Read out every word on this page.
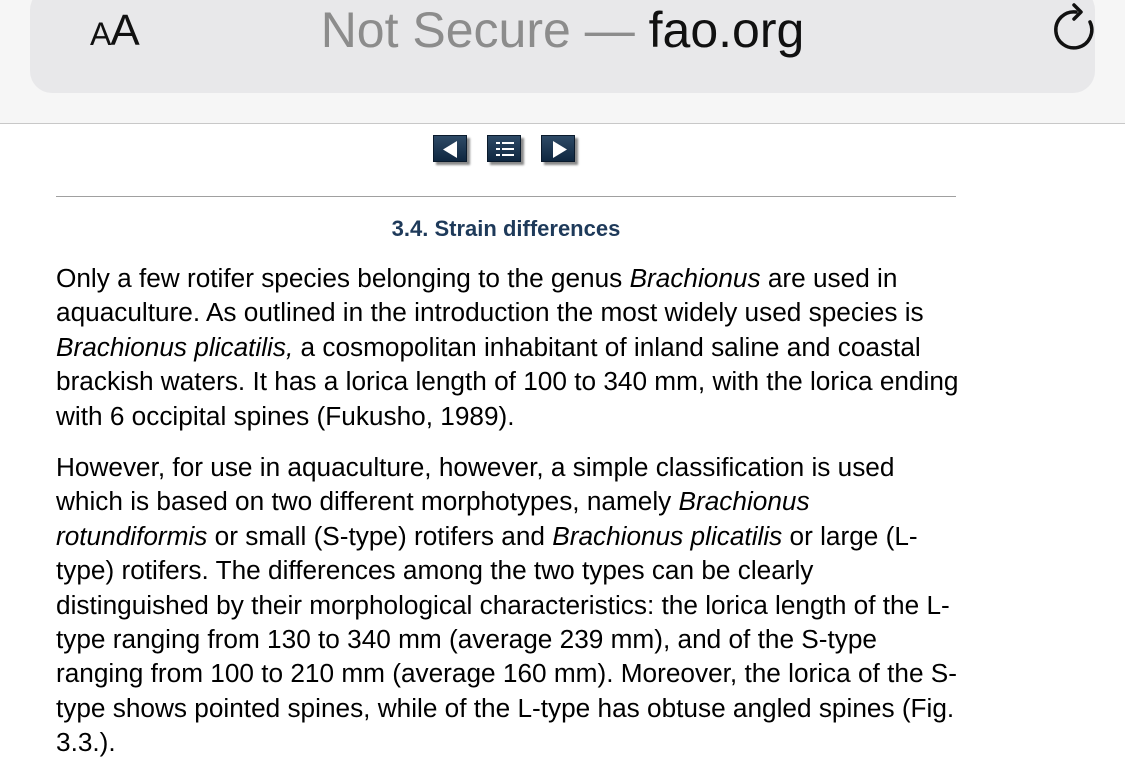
AA	Not Secure — fao.org
3.4. Strain differences

Only a few rotifer species belonging to the genus Brachionus are used in aquaculture. As outlined in the introduction the most widely used species is Brachionus plicatilis, a cosmopolitan inhabitant of inland saline and coastal brackish waters. It has a lorica length of 100 to 340 mm, with the lorica ending with 6 occipital spines (Fukusho, 1989).

However, for use in aquaculture, however, a simple classification is used which is based on two different morphotypes, namely Brachionus rotundiformis or small (S-type) rotifers and Brachionus plicatilis or large (L-type) rotifers. The differences among the two types can be clearly distinguished by their morphological characteristics: the lorica length of the L-type ranging from 130 to 340 mm (average 239 mm), and of the S-type ranging from 100 to 210 mm (average 160 mm). Moreover, the lorica of the S-type shows pointed spines, while of the L-type has obtuse angled spines (Fig. 3.3.).
